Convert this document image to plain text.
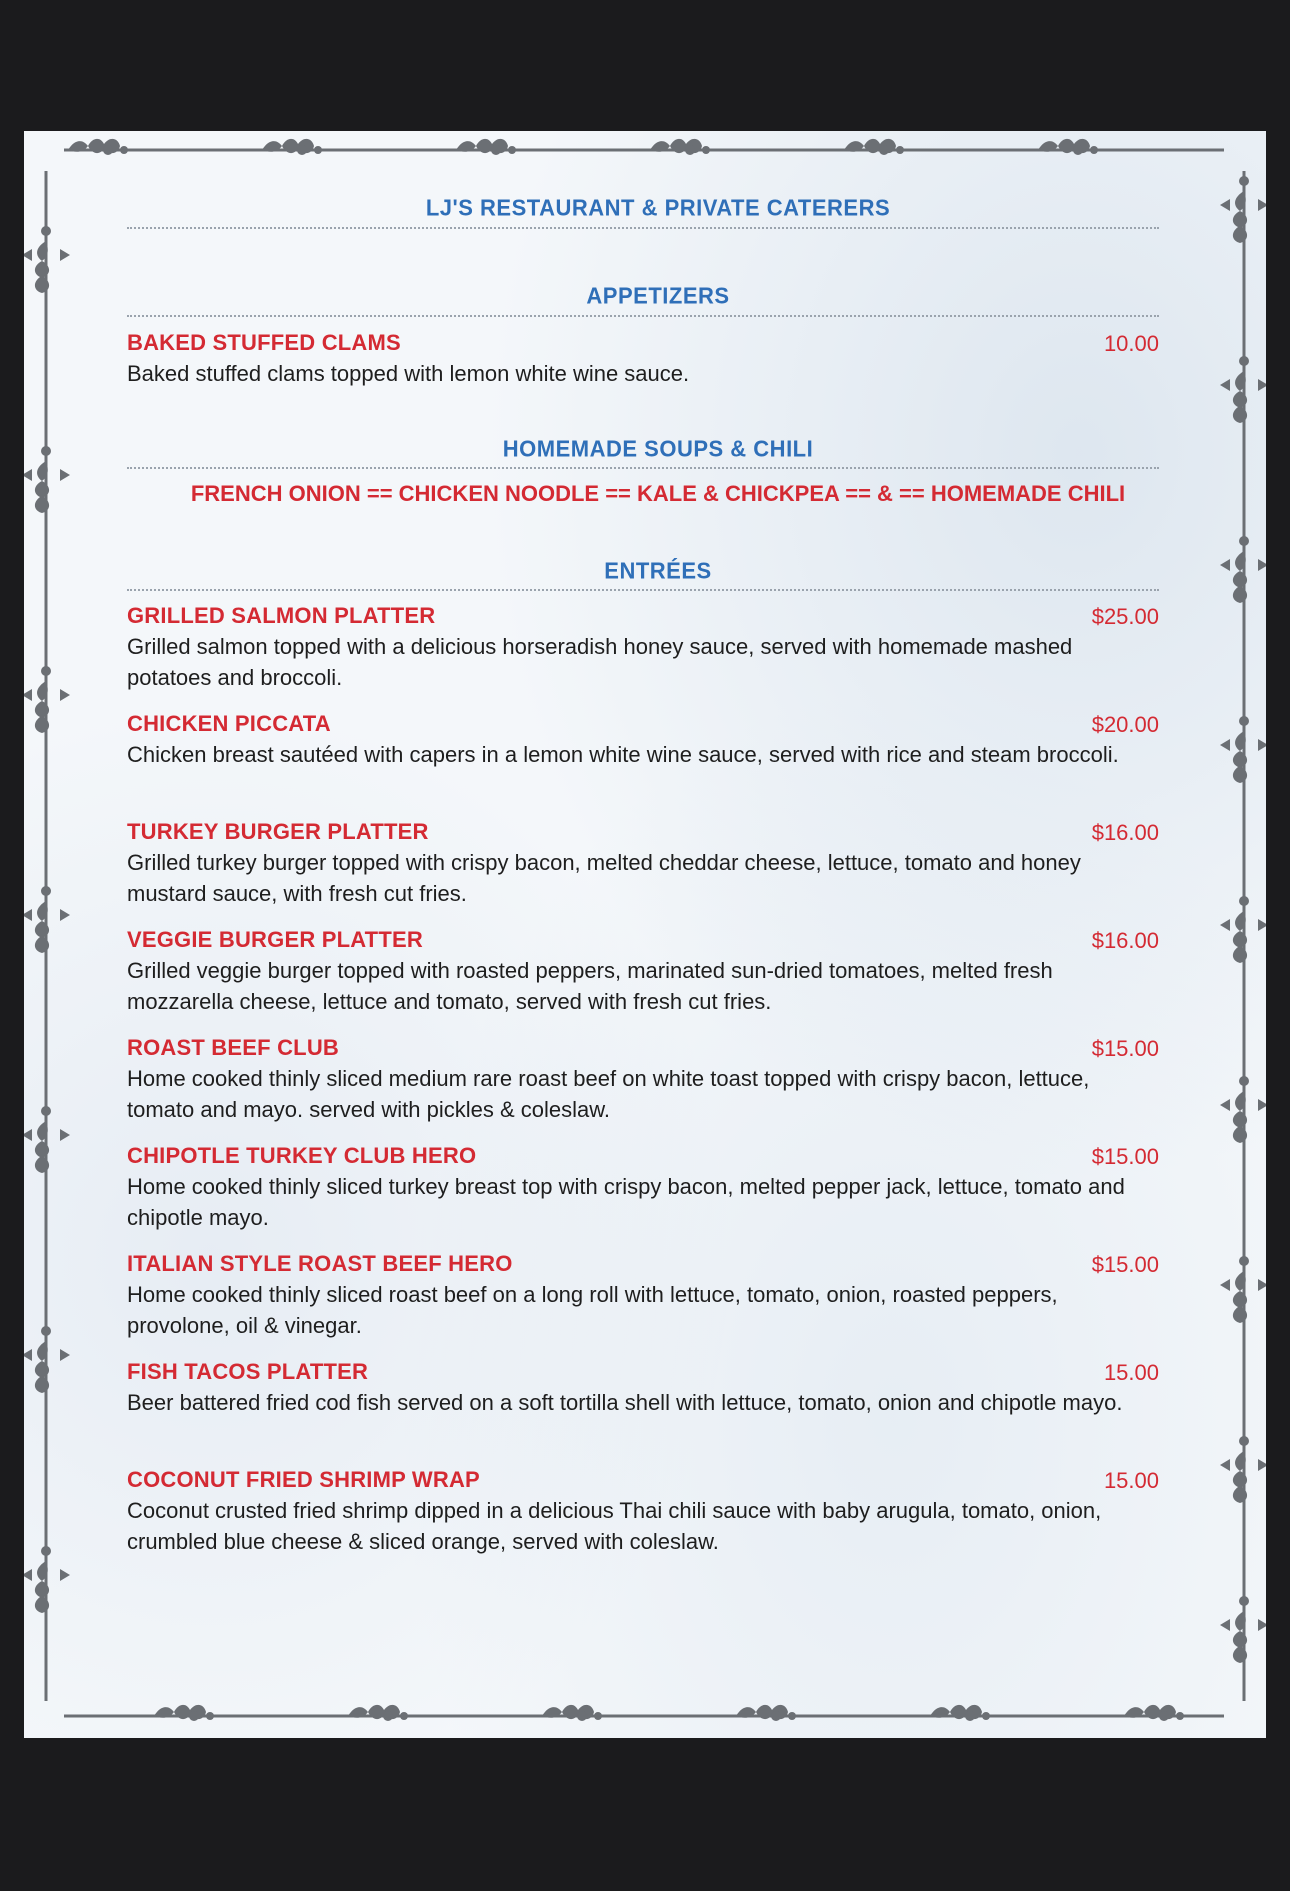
LJ'S RESTAURANT & PRIVATE CATERERS
APPETIZERS
BAKED STUFFED CLAMS	10.00
Baked stuffed clams topped with lemon white wine sauce.
HOMEMADE SOUPS & CHILI
FRENCH ONION == CHICKEN NOODLE == KALE & CHICKPEA == & == HOMEMADE CHILI
ENTRÉES
GRILLED SALMON PLATTER	$25.00
Grilled salmon topped with a delicious horseradish honey sauce, served with homemade mashed potatoes and broccoli.
CHICKEN PICCATA	$20.00
Chicken breast sautéed with capers in a lemon white wine sauce, served with rice and steam broccoli.
TURKEY BURGER PLATTER	$16.00
Grilled turkey burger topped with crispy bacon, melted cheddar cheese, lettuce, tomato and honey mustard sauce, with fresh cut fries.
VEGGIE BURGER PLATTER	$16.00
Grilled veggie burger topped with roasted peppers, marinated sun-dried tomatoes, melted fresh mozzarella cheese, lettuce and tomato, served with fresh cut fries.
ROAST BEEF CLUB	$15.00
Home cooked thinly sliced medium rare roast beef on white toast topped with crispy bacon, lettuce, tomato and mayo. served with pickles & coleslaw.
CHIPOTLE TURKEY CLUB HERO	$15.00
Home cooked thinly sliced turkey breast top with crispy bacon, melted pepper jack, lettuce, tomato and chipotle mayo.
ITALIAN STYLE ROAST BEEF HERO	$15.00
Home cooked thinly sliced roast beef on a long roll with lettuce, tomato, onion, roasted peppers, provolone, oil & vinegar.
FISH TACOS PLATTER	15.00
Beer battered fried cod fish served on a soft tortilla shell with lettuce, tomato, onion and chipotle mayo.
COCONUT FRIED SHRIMP WRAP	15.00
Coconut crusted fried shrimp dipped in a delicious Thai chili sauce with baby arugula, tomato, onion, crumbled blue cheese & sliced orange, served with coleslaw.
